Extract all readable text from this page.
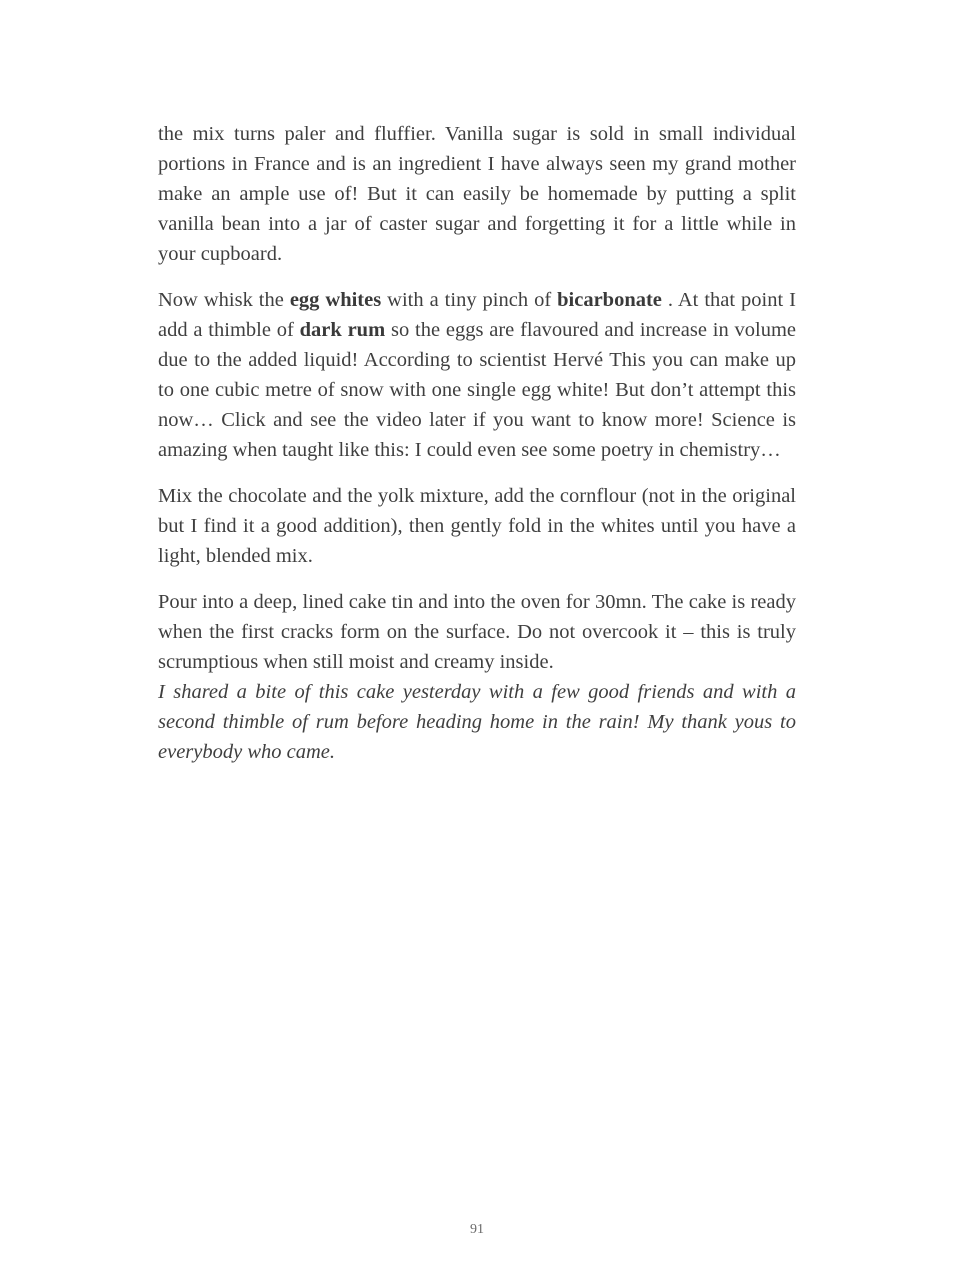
the mix turns paler and fluffier. Vanilla sugar is sold in small individual portions in France and is an ingredient I have always seen my grand mother make an ample use of! But it can easily be homemade by putting a split vanilla bean into a jar of caster sugar and forgetting it for a little while in your cupboard.

Now whisk the egg whites with a tiny pinch of bicarbonate . At that point I add a thimble of dark rum so the eggs are flavoured and increase in volume due to the added liquid! According to scientist Hervé This you can make up to one cubic metre of snow with one single egg white! But don’t attempt this now… Click and see the video later if you want to know more! Science is amazing when taught like this: I could even see some poetry in chemistry…

Mix the chocolate and the yolk mixture, add the cornflour (not in the original but I find it a good addition), then gently fold in the whites until you have a light, blended mix.

Pour into a deep, lined cake tin and into the oven for 30mn. The cake is ready when the first cracks form on the surface. Do not overcook it – this is truly scrumptious when still moist and creamy inside.

I shared a bite of this cake yesterday with a few good friends and with a second thimble of rum before heading home in the rain! My thank yous to everybody who came.

91
